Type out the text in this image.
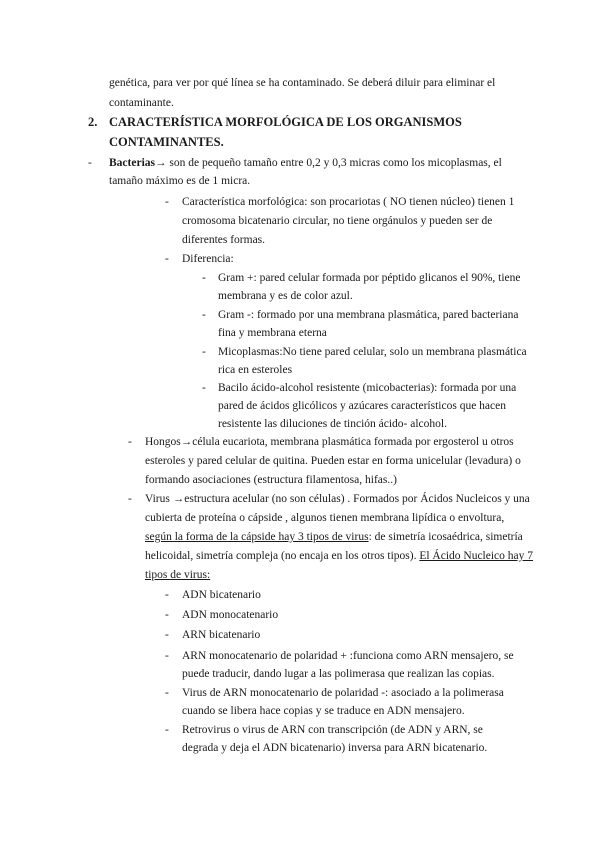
genética, para ver por qué línea se ha contaminado. Se deberá diluir para eliminar el
contaminante.
2. CARACTERÍSTICA MORFOLÓGICA DE LOS ORGANISMOS
CONTAMINANTES.
- Bacterias→ son de pequeño tamaño entre 0,2 y 0,3 micras como los micoplasmas, el
tamaño máximo es de 1 micra.
- Característica morfológica: son procariotas ( NO tienen núcleo) tienen 1
cromosoma bicatenario circular, no tiene orgánulos y pueden ser de
diferentes formas.
- Diferencia:
- Gram +: pared celular formada por péptido glicanos el 90%, tiene
membrana y es de color azul.
- Gram -: formado por una membrana plasmática, pared bacteriana
fina y membrana eterna
- Micoplasmas:No tiene pared celular, solo un membrana plasmática
rica en esteroles
- Bacilo ácido-alcohol resistente (micobacterias): formada por una
pared de ácidos glicólicos y azúcares característicos que hacen
resistente las diluciones de tinción ácido- alcohol.
- Hongos→célula eucariota, membrana plasmática formada por ergosterol u otros
esteroles y pared celular de quitina. Pueden estar en forma unicelular (levadura) o
formando asociaciones (estructura filamentosa, hifas..)
- Virus →estructura acelular (no son células) . Formados por Ácidos Nucleicos y una
cubierta de proteína o cápside , algunos tienen membrana lipídica o envoltura,
según la forma de la cápside hay 3 tipos de virus: de simetría icosaédrica, simetría
helicoidal, simetría compleja (no encaja en los otros tipos). El Ácido Nucleico hay 7
tipos de virus:
- ADN bicatenario
- ADN monocatenario
- ARN bicatenario
- ARN monocatenario de polaridad + :funciona como ARN mensajero, se
puede traducir, dando lugar a las polimerasa que realizan las copias.
- Virus de ARN monocatenario de polaridad -: asociado a la polimerasa
cuando se libera hace copias y se traduce en ADN mensajero.
- Retrovirus o virus de ARN con transcripción (de ADN y ARN, se
degrada y deja el ADN bicatenario) inversa para ARN bicatenario.
